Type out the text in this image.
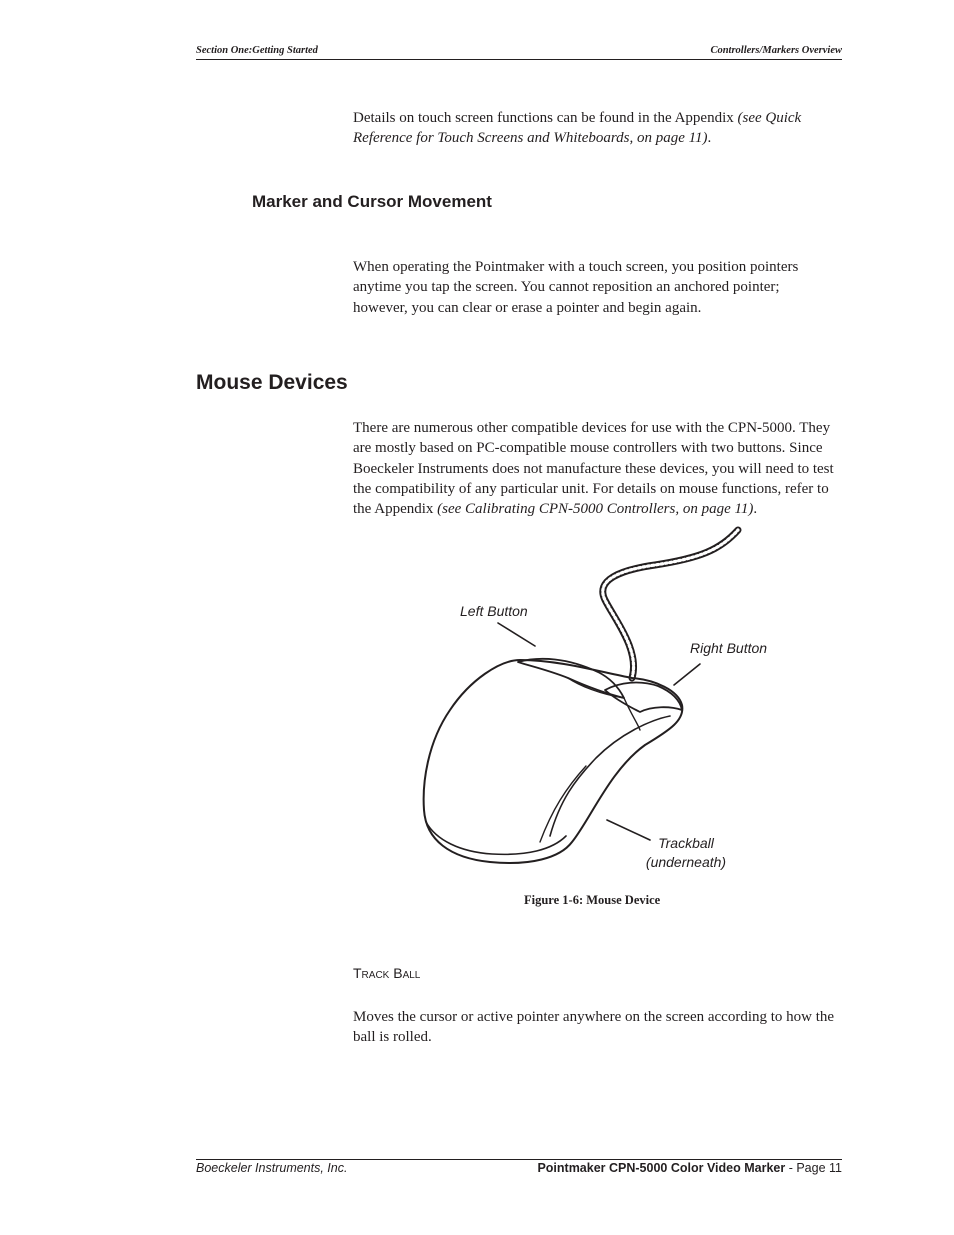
Section One:Getting Started	Controllers/Markers Overview
Details on touch screen functions can be found in the Appendix (see Quick Reference for Touch Screens and Whiteboards, on page 11).
Marker and Cursor Movement
When operating the Pointmaker with a touch screen, you position pointers anytime you tap the screen. You cannot reposition an anchored pointer; however, you can clear or erase a pointer and begin again.
Mouse Devices
There are numerous other compatible devices for use with the CPN-5000. They are mostly based on PC-compatible mouse controllers with two buttons. Since Boeckeler Instruments does not manufacture these devices, you will need to test the compatibility of any particular unit. For details on mouse functions, refer to the Appendix (see Calibrating CPN-5000 Controllers, on page 11).
Left Button
Right Button
Trackball
(underneath)
Figure 1-6: Mouse Device
Track Ball
Moves the cursor or active pointer anywhere on the screen according to how the ball is rolled.
Boeckeler Instruments, Inc.	Pointmaker CPN-5000 Color Video Marker - Page 11
